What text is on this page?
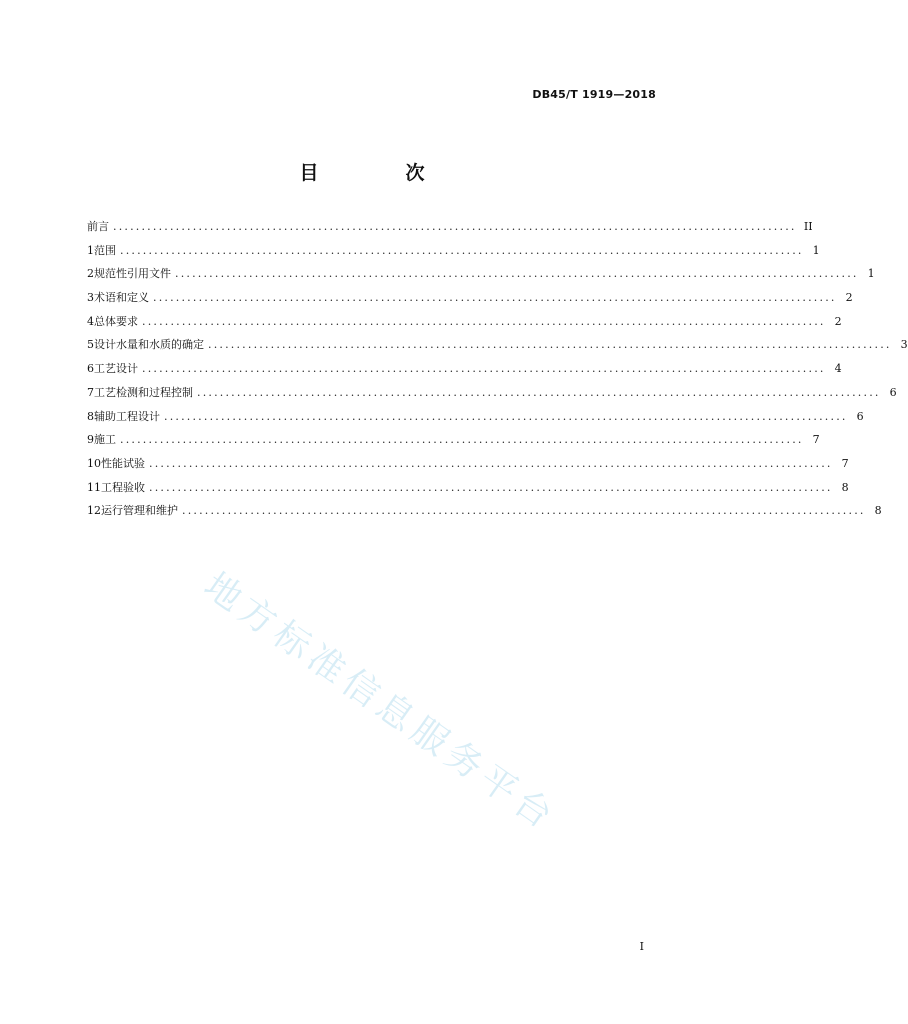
DB45/T 1919—2018
目　次
前言 ........................................................................................................................ II
1 范围 ........................................................................................................................ 1
2 规范性引用文件 ........................................................................................................................ 1
3 术语和定义 ........................................................................................................................ 2
4 总体要求 ........................................................................................................................ 2
5 设计水量和水质的确定 ........................................................................................................................ 3
6 工艺设计 ........................................................................................................................ 4
7 工艺检测和过程控制 ........................................................................................................................ 6
8 辅助工程设计 ........................................................................................................................ 6
9 施工 ........................................................................................................................ 7
10 性能试验 ........................................................................................................................ 7
11 工程验收 ........................................................................................................................ 8
12 运行管理和维护 ........................................................................................................................ 8
地方标准信息服务平台
I
